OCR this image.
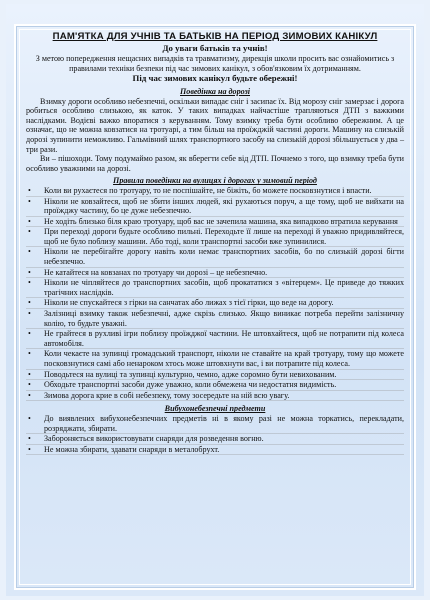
ПАМ'ЯТКА ДЛЯ УЧНІВ ТА БАТЬКІВ НА ПЕРІОД ЗИМОВИХ КАНІКУЛ
До уваги батьків та учнів!
З метою попередження нещасних випадків та травматизму, дирекція школи просить вас ознайомитись з правилами техніки безпеки під час зимових канікул, з обов'язковим їх дотриманням.
Під час зимових канікул будьте обережні!
Поведінка на дорозі
Взимку дороги особливо небезпечні, оскільки випадає сніг і засипає їх. Від морозу сніг замерзає і дорога робиться особливо слизькою, як каток. У таких випадках найчастіше трапляються ДТП з важкими наслідками. Водієві важко впоратися з керуванням. Тому взимку треба бути особливо обережним. А це означає, що не можна ковзатися на тротуарі, а тим більш на проїжджій частині дороги. Машину на слизькій дорозі зупинити неможливо. Гальмівний шлях транспортного засобу на слизькій дорозі збільшується у два – три рази.
Ви – пішоходи. Тому подумаймо разом, як вберегти себе від ДТП. Почнемо з того, що взимку треба бути особливо уважними на дорозі.
Правила поведінки на вулицях і дорогах у зимовий період
• Коли ви рухаєтеся по тротуару, то не поспішайте, не біжіть, бо можете посковзнутися і впасти.
• Ніколи не ковзайтеся, щоб не збити інших людей, які рухаються поруч, а ще тому, щоб не вийхати на проїжджу частину, бо це дуже небезпечно.
• Не ходіть близько біля краю тротуару, щоб вас не зачепила машина, яка випадково втратила керування
• При переході дороги будьте особливо пильні. Переходьте її лише на переході й уважно придивляйтеся, щоб не було поблизу машини. Або тоді, коли транспортні засоби вже зупинилися.
• Ніколи не перебігайте дорогу навіть коли немає транспортних засобів, бо по слизькій дорозі бігти небезпечно.
• Не катайтеся на ковзанах по тротуару чи дорозі – це небезпечно.
• Ніколи не чіпляйтеся до транспортних засобів, щоб прокататися з «вітерцем». Це приведе до тяжких трагічних наслідків.
• Ніколи не спускайтеся з гірки на санчатах або лижах з тієї гірки, що веде на дорогу.
• Залізниці взимку також небезпечні, адже скрізь слизько. Якщо виникає потреба перейти залізничну колію, то будьте уважні.
• Не грайтеся в рухливі ігри поблизу проїжджої частини. Не штовхайтеся, щоб не потрапити під колеса автомобіля.
• Коли чекаєте на зупинці громадський транспорт, ніколи не ставайте на край тротуару, тому що можете посковзнутися самі або ненароком хтось може штовхнути вас, і ви потрапите під колеса.
• Поводьтеся на вулиці та зупинці культурно, чемно, адже соромно бути невихованим.
• Обходьте транспортні засоби дуже уважно, коли обмежена чи недостатня видимість.
• Зимова дорога крие в собі небезпеку, тому зосередьте на ній всю увагу.
Вибухонебезпечні предмети
• До виявлених вибухонебезпечних предметів ні в якому разі не можна торкатись, перекладати, розряджати, збирати.
• Забороняється використовувати снаряди для розведення вогню.
• Не можна збирати, здавати снаряди в металобрухт.
